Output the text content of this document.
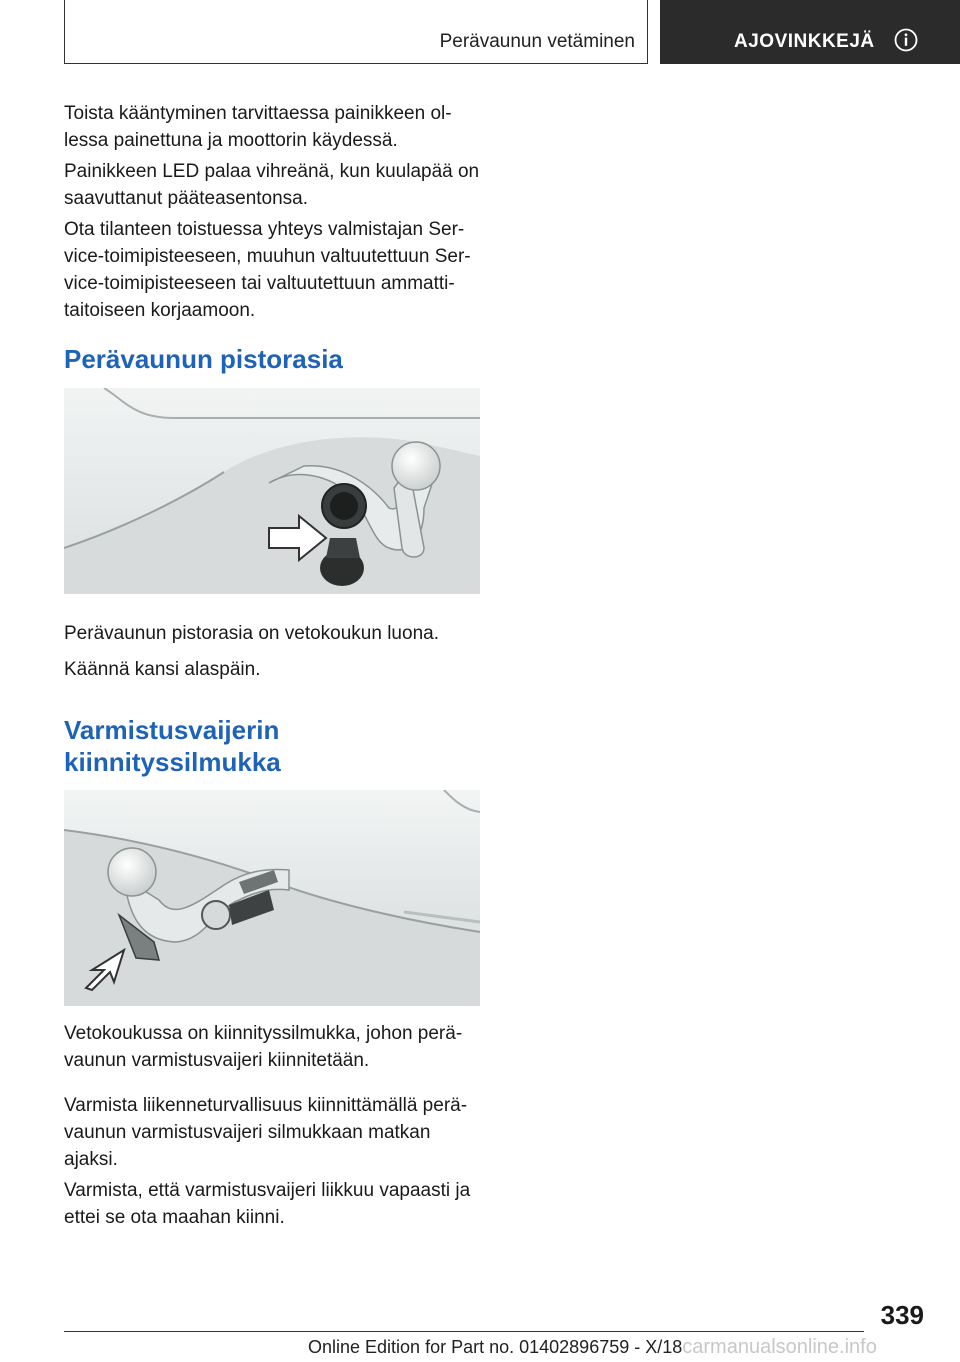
Perävaunun vetäminen	AJOVINKKEJÄ

Toista kääntyminen tarvittaessa painikkeen ollessa painettuna ja moottorin käydessä.

Painikkeen LED palaa vihreänä, kun kuulapää on saavuttanut pääteasentonsa.

Ota tilanteen toistuessa yhteys valmistajan Service-toimipisteeseen, muuhun valtuutettuun Service-toimipisteeseen tai valtuutettuun ammattitaitoiseen korjaamoon.

Perävaunun pistorasia

Perävaunun pistorasia on vetokoukun luona.

Käännä kansi alaspäin.

Varmistusvaijerin
kiinnityssilmukka

Vetokoukussa on kiinnityssilmukka, johon perävaunun varmistusvaijeri kiinnitetään.

Varmista liikenneturvallisuus kiinnittämällä perävaunun varmistusvaijeri silmukkaan matkan ajaksi.

Varmista, että varmistusvaijeri liikkuu vapaasti ja ettei se ota maahan kiinni.

339
Online Edition for Part no. 01402896759 - X/18carmanualsonline.info
